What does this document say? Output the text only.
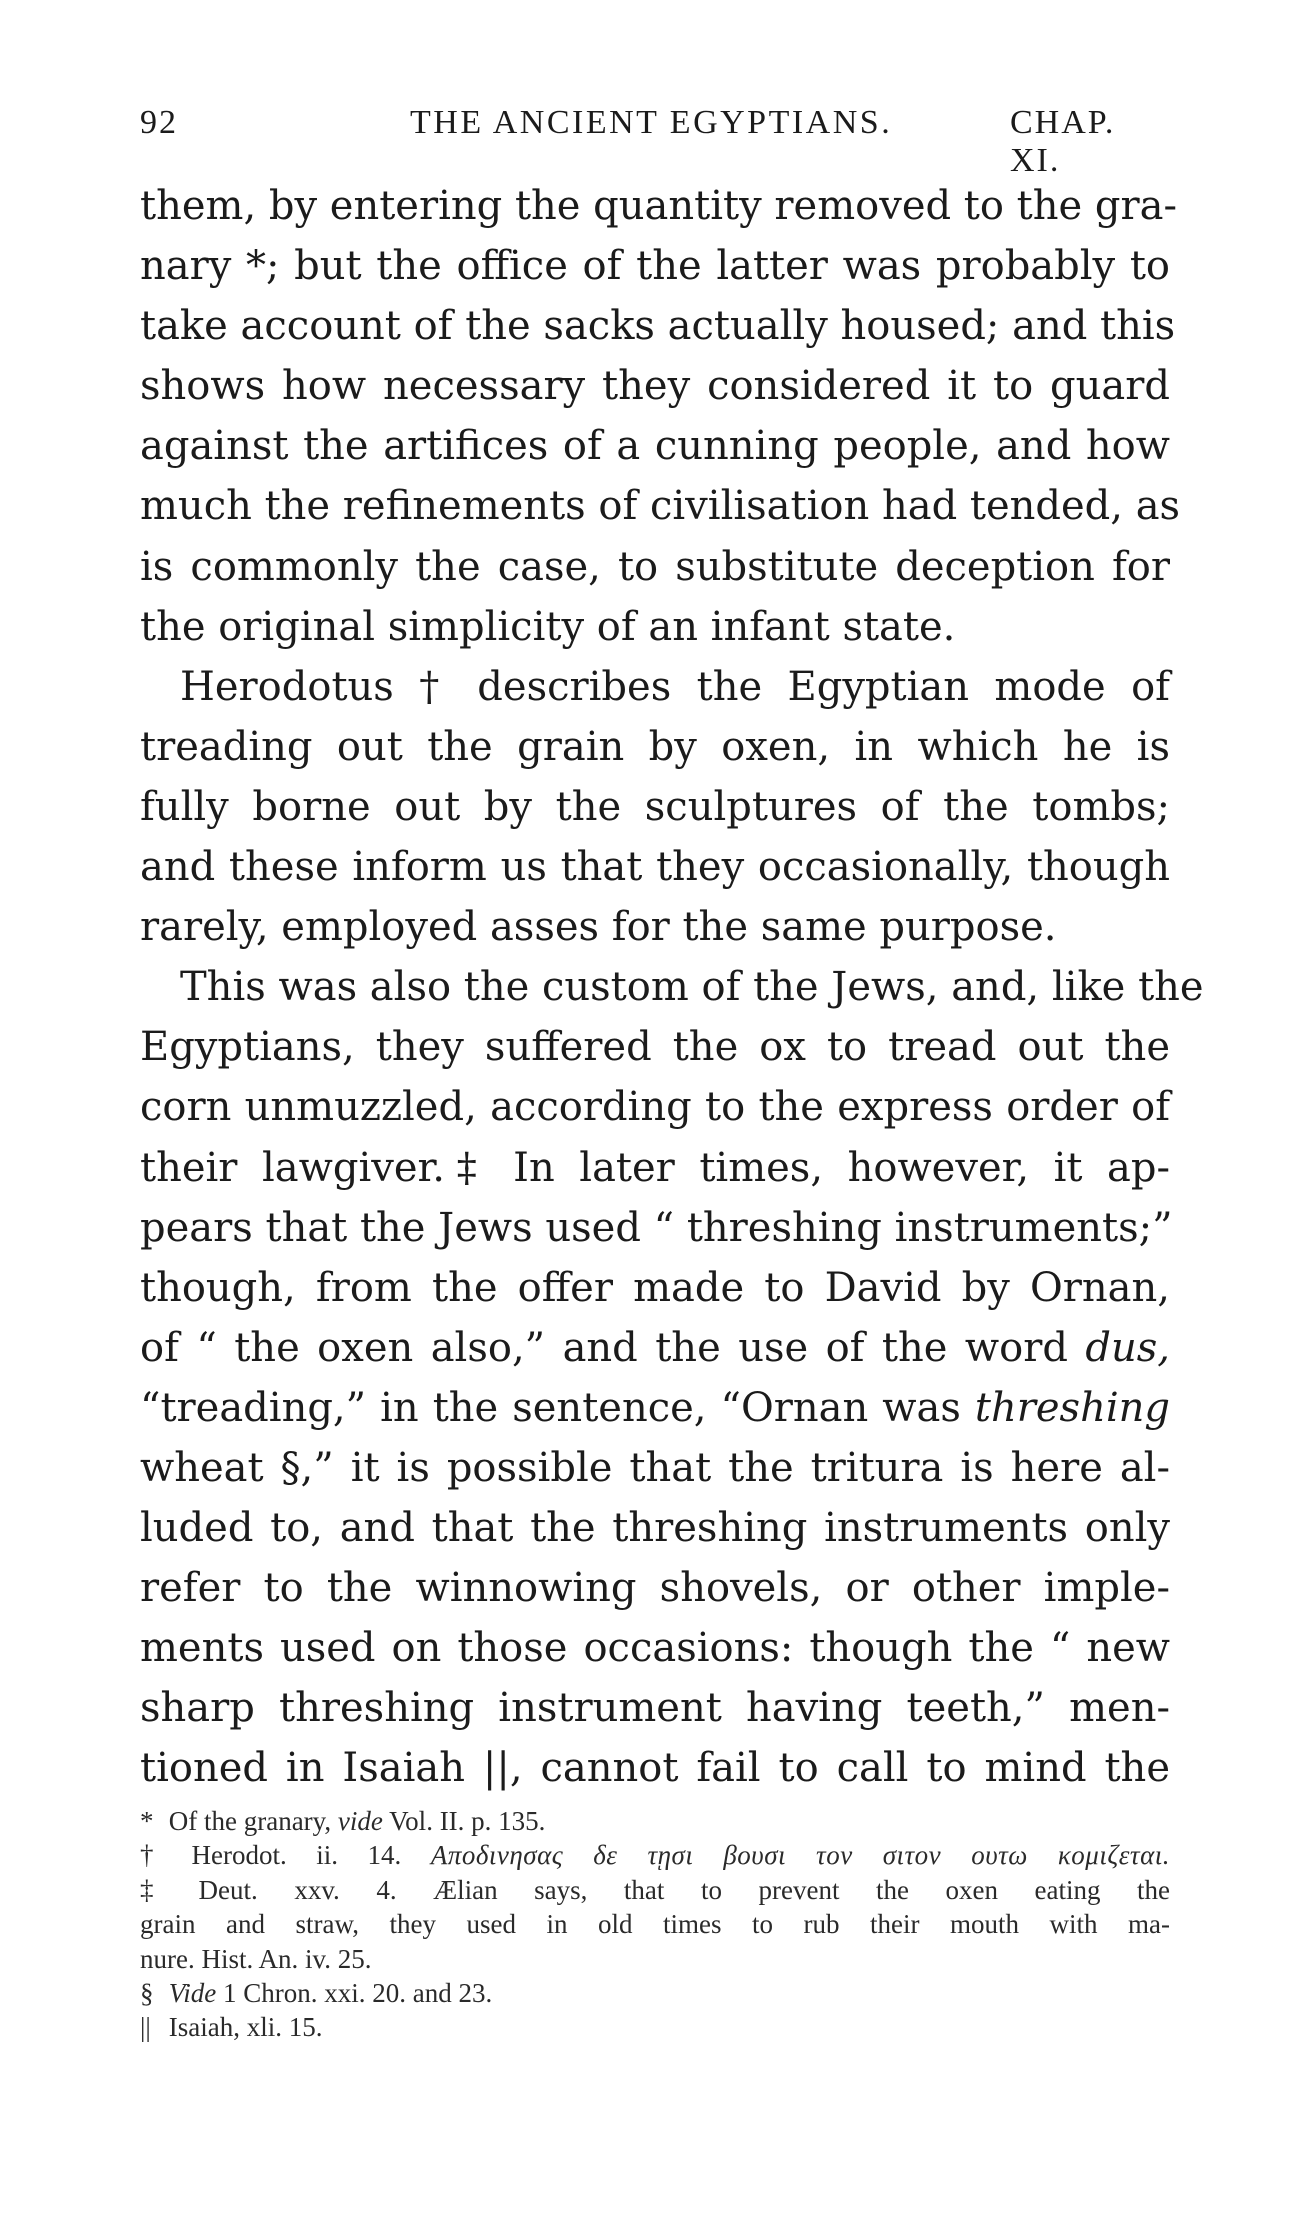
92	THE ANCIENT EGYPTIANS.	CHAP. XI.
them, by entering the quantity removed to the gra-
nary *; but the office of the latter was probably to
take account of the sacks actually housed; and this
shows how necessary they considered it to guard
against the artifices of a cunning people, and how
much the refinements of civilisation had tended, as
is commonly the case, to substitute deception for
the original simplicity of an infant state.
Herodotus † describes the Egyptian mode of
treading out the grain by oxen, in which he is
fully borne out by the sculptures of the tombs;
and these inform us that they occasionally, though
rarely, employed asses for the same purpose.
This was also the custom of the Jews, and, like the
Egyptians, they suffered the ox to tread out the
corn unmuzzled, according to the express order of
their lawgiver.‡ In later times, however, it ap-
pears that the Jews used “ threshing instruments;”
though, from the offer made to David by Ornan,
of “ the oxen also,” and the use of the word dus,
“treading,” in the sentence, “Ornan was threshing
wheat §,” it is possible that the tritura is here al-
luded to, and that the threshing instruments only
refer to the winnowing shovels, or other imple-
ments used on those occasions: though the “ new
sharp threshing instrument having teeth,” men-
tioned in Isaiah ||, cannot fail to call to mind the
* Of the granary, vide Vol. II. p. 135.
† Herodot. ii. 14. Αποδινησας δε τῃσι βουσι τον σιτον ουτω κομιζεται.
‡ Deut. xxv. 4. Ælian says, that to prevent the oxen eating the
grain and straw, they used in old times to rub their mouth with ma-
nure. Hist. An. iv. 25.
§ Vide 1 Chron. xxi. 20. and 23.
|| Isaiah, xli. 15.
